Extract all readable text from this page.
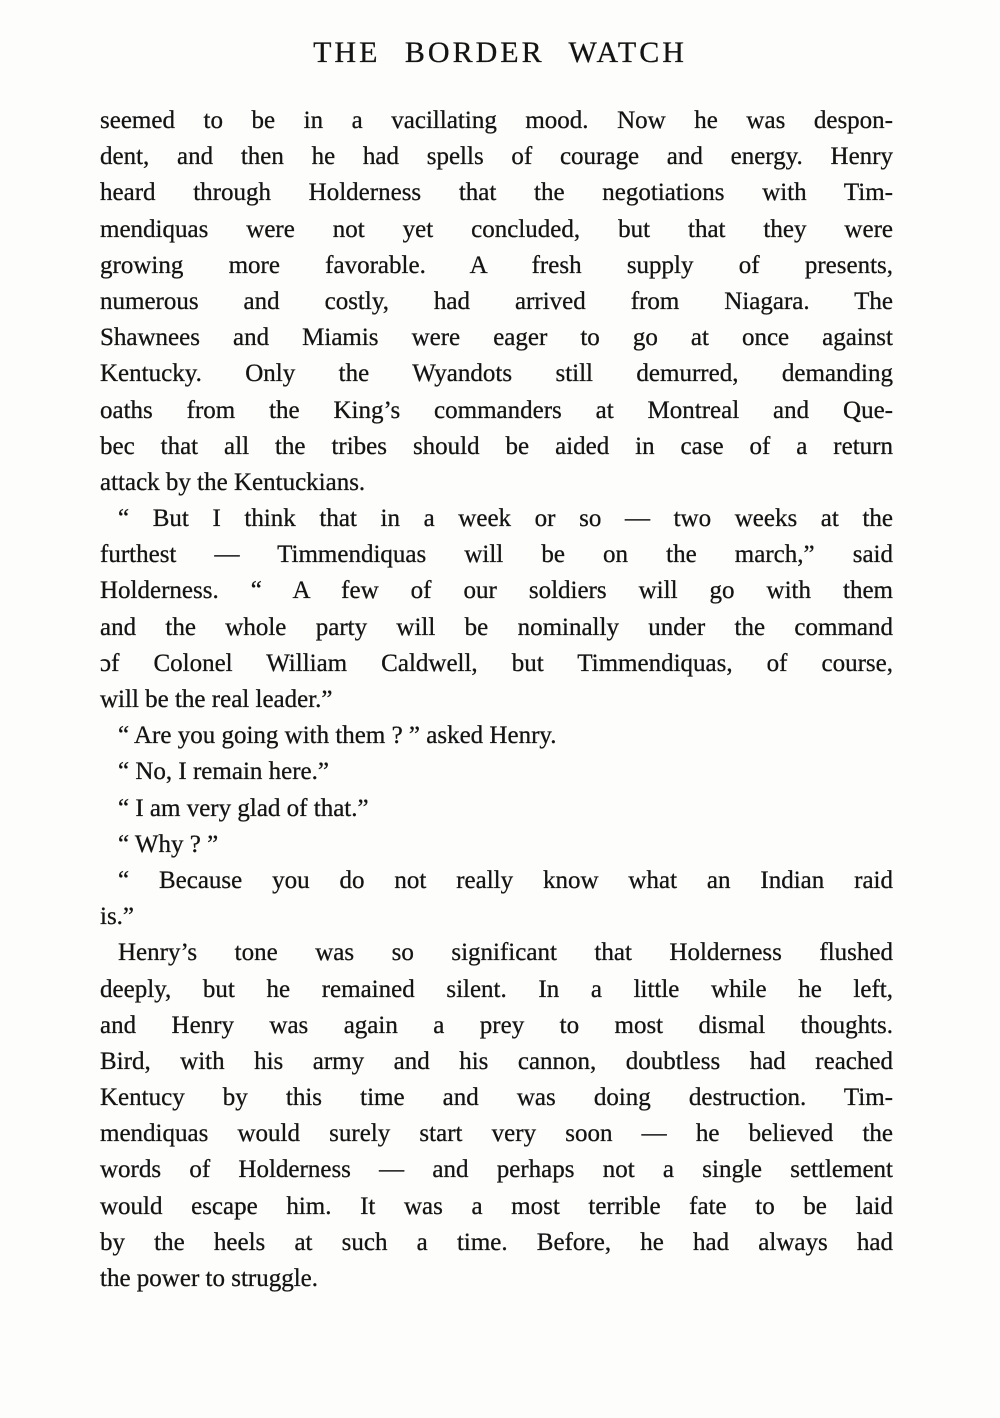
THE BORDER WATCH
seemed to be in a vacillating mood. Now he was despon-
dent, and then he had spells of courage and energy. Henry
heard through Holderness that the negotiations with Tim-
mendiquas were not yet concluded, but that they were
growing more favorable. A fresh supply of presents,
numerous and costly, had arrived from Niagara. The
Shawnees and Miamis were eager to go at once against
Kentucky. Only the Wyandots still demurred, demanding
oaths from the King’s commanders at Montreal and Que-
bec that all the tribes should be aided in case of a return
attack by the Kentuckians.
“ But I think that in a week or so — two weeks at the
furthest — Timmendiquas will be on the march,” said
Holderness. “ A few of our soldiers will go with them
and the whole party will be nominally under the command
ɔf Colonel William Caldwell, but Timmendiquas, of course,
will be the real leader.”
“ Are you going with them ? ” asked Henry.
“ No, I remain here.”
“ I am very glad of that.”
“ Why ? ”
“ Because you do not really know what an Indian raid
is.”
Henry’s tone was so significant that Holderness flushed
deeply, but he remained silent. In a little while he left,
and Henry was again a prey to most dismal thoughts.
Bird, with his army and his cannon, doubtless had reached
Kentucy by this time and was doing destruction. Tim-
mendiquas would surely start very soon — he believed the
words of Holderness — and perhaps not a single settlement
would escape him. It was a most terrible fate to be laid
by the heels at such a time. Before, he had always had
the power to struggle.
